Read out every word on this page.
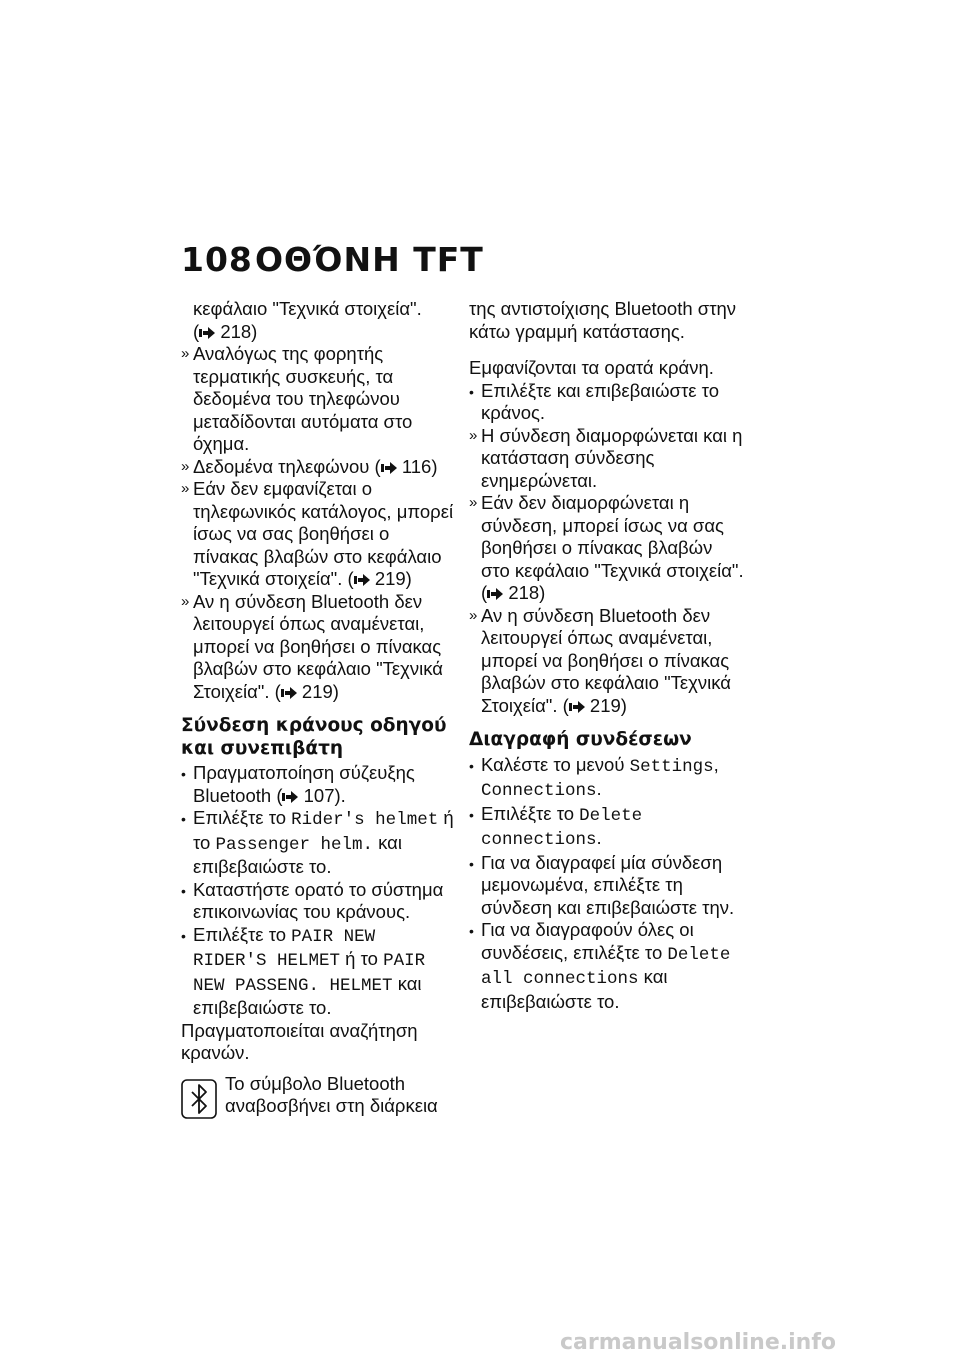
108ΟΘΌΝΗ TFT

κεφάλαιο "Τεχνικά στοιχεία".
( 218)

» Αναλόγως της φορητής τερματικής συσκευής, τα δεδομένα του τηλεφώνου μεταδίδονται αυτόματα στο όχημα.
» Δεδομένα τηλεφώνου ( 116)
» Εάν δεν εμφανίζεται ο τηλεφωνικός κατάλογος, μπορεί ίσως να σας βοηθήσει ο πίνακας βλαβών στο κεφάλαιο "Τεχνικά στοιχεία". ( 219)
» Αν η σύνδεση Bluetooth δεν λειτουργεί όπως αναμένεται, μπορεί να βοηθήσει ο πίνακας βλαβών στο κεφάλαιο "Τεχνικά Στοιχεία". ( 219)
Σύνδεση κράνους οδηγού και συνεπιβάτη
• Πραγματοποίηση σύζευξης Bluetooth ( 107).
• Επιλέξτε το Rider's helmet ή το Passenger helm. και επιβεβαιώστε το.
• Καταστήστε ορατό το σύστημα επικοινωνίας του κράνους.
• Επιλέξτε το PAIR NEW RIDER'S HELMET ή το PAIR NEW PASSENG. HELMET και επιβεβαιώστε το.

Πραγματοποιείται αναζήτηση κρανών.

Το σύμβολο Bluetooth αναβοσβήνει στη διάρκεια

της αντιστοίχισης Bluetooth στην κάτω γραμμή κατάστασης.

Εμφανίζονται τα ορατά κράνη.

• Επιλέξτε και επιβεβαιώστε το κράνος.
» Η σύνδεση διαμορφώνεται και η κατάσταση σύνδεσης ενημερώνεται.
» Εάν δεν διαμορφώνεται η σύνδεση, μπορεί ίσως να σας βοηθήσει ο πίνακας βλαβών στο κεφάλαιο "Τεχνικά στοιχεία".
( 218)
» Αν η σύνδεση Bluetooth δεν λειτουργεί όπως αναμένεται, μπορεί να βοηθήσει ο πίνακας βλαβών στο κεφάλαιο "Τεχνικά Στοιχεία". ( 219)
Διαγραφή συνδέσεων
• Καλέστε το μενού Settings, Connections.
• Επιλέξτε το Delete connections.
• Για να διαγραφεί μία σύνδεση μεμονωμένα, επιλέξτε τη σύνδεση και επιβεβαιώστε την.
• Για να διαγραφούν όλες οι συνδέσεις, επιλέξτε το Delete all connections και επιβεβαιώστε το.
carmanualsonline.info
